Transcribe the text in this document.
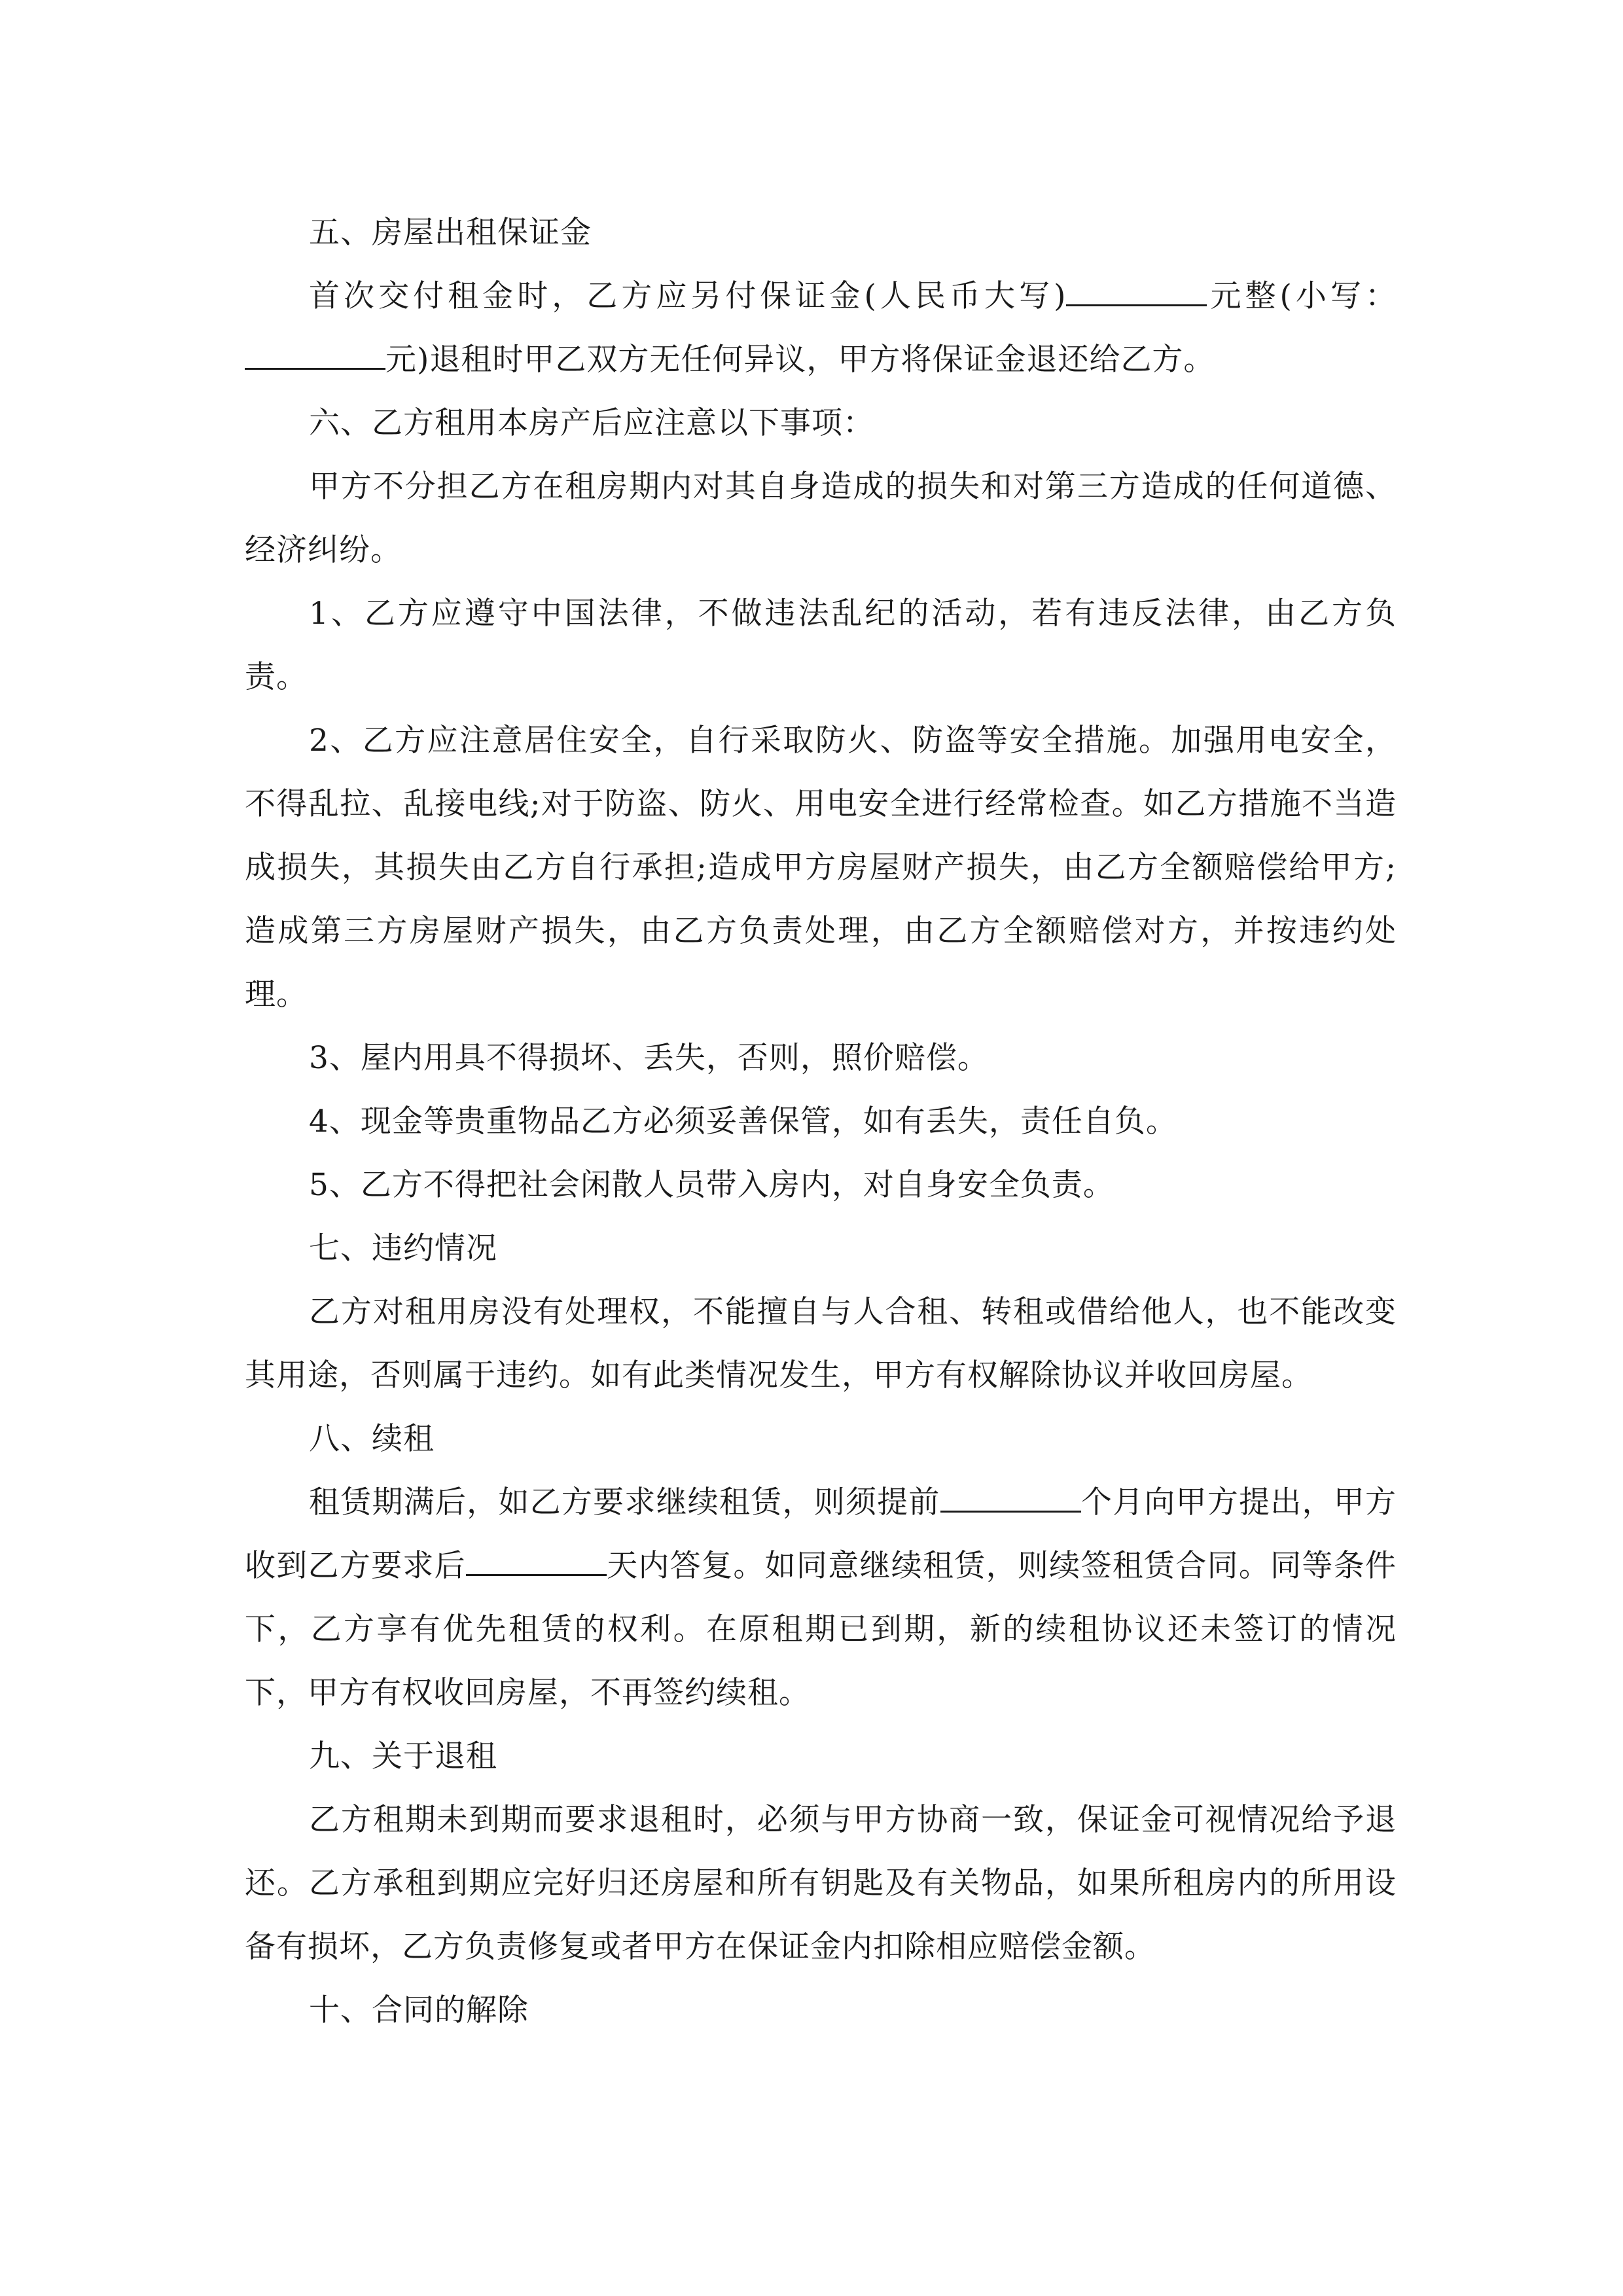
五、房屋出租保证金

首次交付租金时，乙方应另付保证金(人民币大写)	元整(小写：元)退租时甲乙双方无任何异议，甲方将保证金退还给乙方。

六、乙方租用本房产后应注意以下事项：

甲方不分担乙方在租房期内对其自身造成的损失和对第三方造成的任何道德、经济纠纷。

1、乙方应遵守中国法律，不做违法乱纪的活动，若有违反法律，由乙方负责。

2、乙方应注意居住安全，自行采取防火、防盗等安全措施。加强用电安全，不得乱拉、乱接电线;对于防盗、防火、用电安全进行经常检查。如乙方措施不当造成损失，其损失由乙方自行承担;造成甲方房屋财产损失，由乙方全额赔偿给甲方;造成第三方房屋财产损失，由乙方负责处理，由乙方全额赔偿对方，并按违约处理。

3、屋内用具不得损坏、丢失，否则，照价赔偿。

4、现金等贵重物品乙方必须妥善保管，如有丢失，责任自负。

5、乙方不得把社会闲散人员带入房内，对自身安全负责。

七、违约情况

乙方对租用房没有处理权，不能擅自与人合租、转租或借给他人，也不能改变其用途，否则属于违约。如有此类情况发生，甲方有权解除协议并收回房屋。

八、续租

租赁期满后，如乙方要求继续租赁，则须提前	个月向甲方提出，甲方收到乙方要求后	天内答复。如同意继续租赁，则续签租赁合同。同等条件下，乙方享有优先租赁的权利。在原租期已到期，新的续租协议还未签订的情况下，甲方有权收回房屋，不再签约续租。

九、关于退租

乙方租期未到期而要求退租时，必须与甲方协商一致，保证金可视情况给予退还。乙方承租到期应完好归还房屋和所有钥匙及有关物品，如果所租房内的所用设备有损坏，乙方负责修复或者甲方在保证金内扣除相应赔偿金额。

十、合同的解除
